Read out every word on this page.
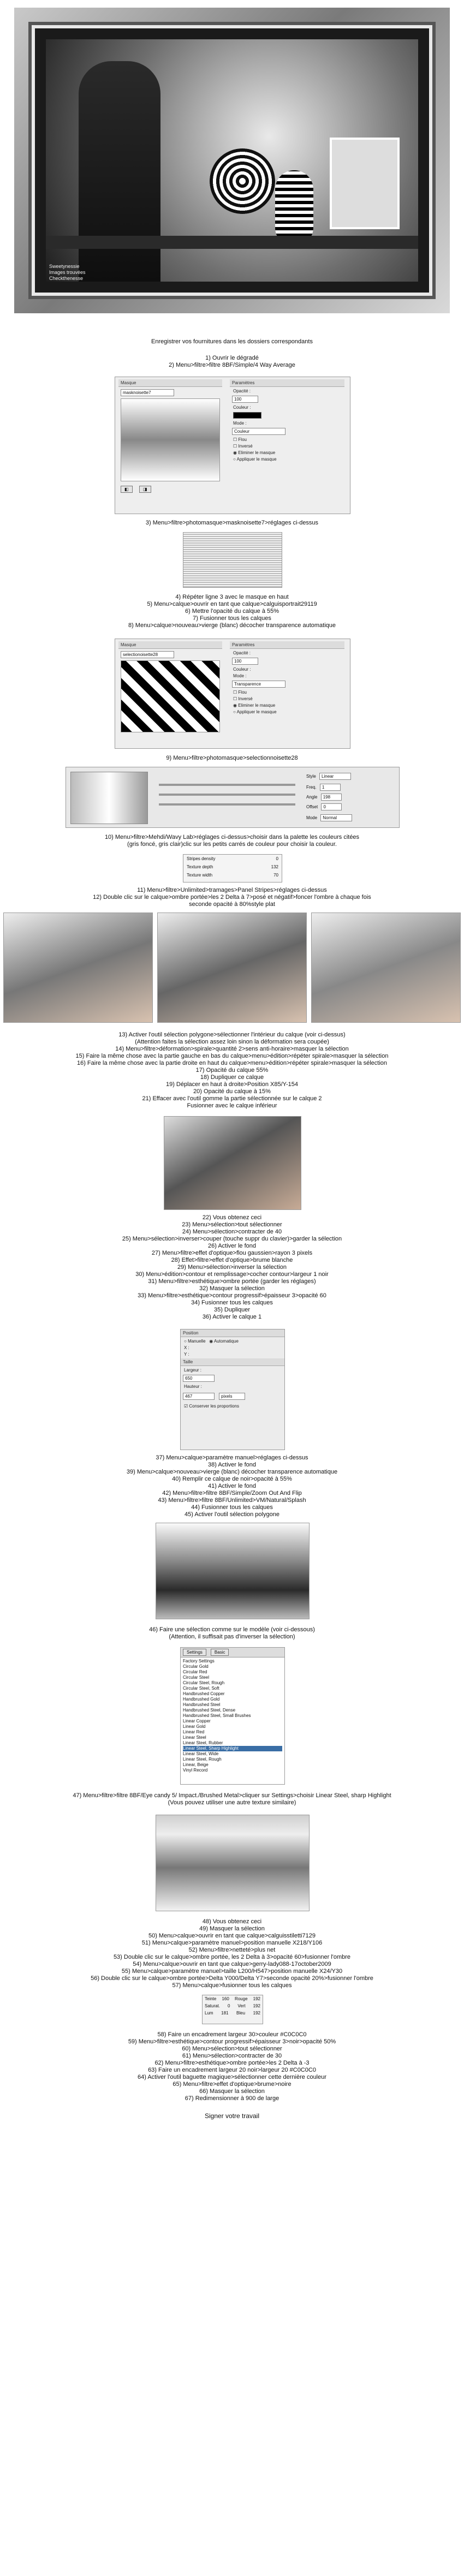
Sweetynessie
Images trouvées
Checkthenesse
Enregistrer vos fournitures dans les dossiers correspondants
1) Ouvrir le dégradé
2) Menu>filtre>filtre 8BF/Simple/4 Way Average
Masque
masknoisette7
◧	◨
Paramètres
Opacité :
100
Couleur :
Mode :
Couleur
☐ Flou
☐ Inversé
◉ Eliminer le masque
○ Appliquer le masque
3) Menu>filtre>photomasque>masknoisette7>réglages ci-dessus
4) Répéter ligne 3 avec le masque en haut
5) Menu>calque>ouvrir en tant que calque>calguisportrait29119
6) Mettre l'opacité du calque à 55%
7) Fusionner tous les calques
8) Menu>calque>nouveau>vierge (blanc) décocher transparence automatique
Masque
selectionoisette28
Paramètres
Opacité :
100
Couleur :
Mode :
Transparence
☐ Flou
☐ Inversé
◉ Eliminer le masque
○ Appliquer le masque
9) Menu>filtre>photomasque>selectionnoisette28
Style Linear
Freq. 1
Angle 198
Offset 0
Mode Normal
10) Menu>filtre>Mehdi/Wavy Lab>réglages ci-dessus>choisir dans la palette les couleurs citées
(gris foncé, gris clair)clic sur les petits carrés de couleur pour choisir la couleur.
Stripes density	0
Texture depth	132
Texture width	70
11) Menu>filtre>Unlimited>tramages>Panel Stripes>réglages ci-dessus
12) Double clic sur le calque>ombre portée>les 2 Delta à 7>posé et négatif>foncer l'ombre à chaque fois
seconde opacité à 80%style plat
13) Activer l'outil sélection polygone>sélectionner l'intérieur du calque (voir ci-dessus)
(Attention faites la sélection assez loin sinon la déformation sera coupée)
14) Menu>filtre>déformation>spirale>quantité 2>sens anti-horaire>masquer la sélection
15) Faire la même chose avec la partie gauche en bas du calque>menu>édition>répéter spirale>masquer la sélection
16) Faire la même chose avec la partie droite en haut du calque>menu>édition>répéter spirale>masquer la sélection
17) Opacité du calque 55%
18) Dupliquer ce calque
19) Déplacer en haut à droite>Position X85/Y-154
20) Opacité du calque à 15%
21) Effacer avec l'outil gomme la partie sélectionnée sur le calque 2
Fusionner avec le calque inférieur
22) Vous obtenez ceci
23) Menu>sélection>tout sélectionner
24) Menu>sélection>contracter de 40
25) Menu>sélection>inverser>couper (touche suppr du clavier)>garder la sélection
26) Activer le fond
27) Menu>filtre>effet d'optique>flou gaussien>rayon 3 pixels
28) Effet>filtre>effet d'optique>brume blanche
29) Menu>sélection>inverser la sélection
30) Menu>édition>contour et remplissage>cocher contour>largeur 1 noir
31) Menu>filtre>esthétique>ombre portée (garder les réglages)
32) Masquer la sélection
33) Menu>filtre>esthétique>contour progressif>épaisseur 3>opacité 60
34) Fusionner tous les calques
35) Dupliquer
36) Activer le calque 1
Position
○ Manuelle ◉ Automatique
X :
Y :
Taille
Largeur :
650
Hauteur :
467	pixels
☑ Conserver les proportions
37) Menu>calque>paramètre manuel>réglages ci-dessus
38) Activer le fond
39) Menu>calque>nouveau>vierge (blanc) décocher transparence automatique
40) Remplir ce calque de noir>opacité à 55%
41) Activer le fond
42) Menu>filtre>filtre 8BF/Simple/Zoom Out And Flip
43) Menu>filtre>filtre 8BF/Unlimited>VM/Natural/Splash
44) Fusionner tous les calques
45) Activer l'outil sélection polygone
46) Faire une sélection comme sur le modèle (voir ci-dessous)
(Attention, il suffisait pas d'inverser la sélection)
Settings	Basic
Factory Settings
Circular Gold
Circular Red
Circular Steel
Circular Steel, Rough
Circular Steel, Soft
Handbrushed Copper
Handbrushed Gold
Handbrushed Steel
Handbrushed Steel, Dense
Handbrushed Steel, Small Brushes
Linear Copper
Linear Gold
Linear Red
Linear Steel
Linear Steel, Rubber
Linear Steel, Sharp Highlight
Linear Steel, Wide
Linear Steel, Rough
Linear, Beige
Vinyl Record
47) Menu>filtre>filtre 8BF/Eye candy 5/ Impact./Brushed Metal>cliquer sur Settings>choisir Linear Steel, sharp Highlight
(Vous pouvez utiliser une autre texture similaire)
48) Vous obtenez ceci
49) Masquer la sélection
50) Menu>calque>ouvrir en tant que calque>calguisstiletti7129
51) Menu>calque>paramètre manuel>position manuelle X218/Y106
52) Menu>filtre>netteté>plus net
53) Double clic sur le calque>ombre portée, les 2 Delta à 3>opacité 60>fusionner l'ombre
54) Menu>calque>ouvrir en tant que calque>gerry-lady088-17october2009
55) Menu>calque>paramètre manuel>taille L200/H547>position manuelle X24/Y30
56) Double clic sur le calque>ombre portée>Delta Y000/Delta Y7>seconde opacité 20%>fusionner l'ombre
57) Menu>calque>fusionner tous les calques
Teinte 160 Rouge 192
Saturat. 0 Vert 192
Lum 181 Bleu 192
58) Faire un encadrement largeur 30>couleur #C0C0C0
59) Menu>filtre>esthétique>contour progressif>épaisseur 3>noir>opacité 50%
60) Menu>sélection>tout sélectionner
61) Menu>sélection>contracter de 30
62) Menu>filtre>esthétique>ombre portée>les 2 Delta à -3
63) Faire un encadrement largeur 20 noir>largeur 20 #C0C0C0
64) Activer l'outil baguette magique>sélectionner cette dernière couleur
65) Menu>filtre>effet d'optique>brume>noire
66) Masquer la sélection
67) Redimensionner à 900 de large
Signer votre travail
